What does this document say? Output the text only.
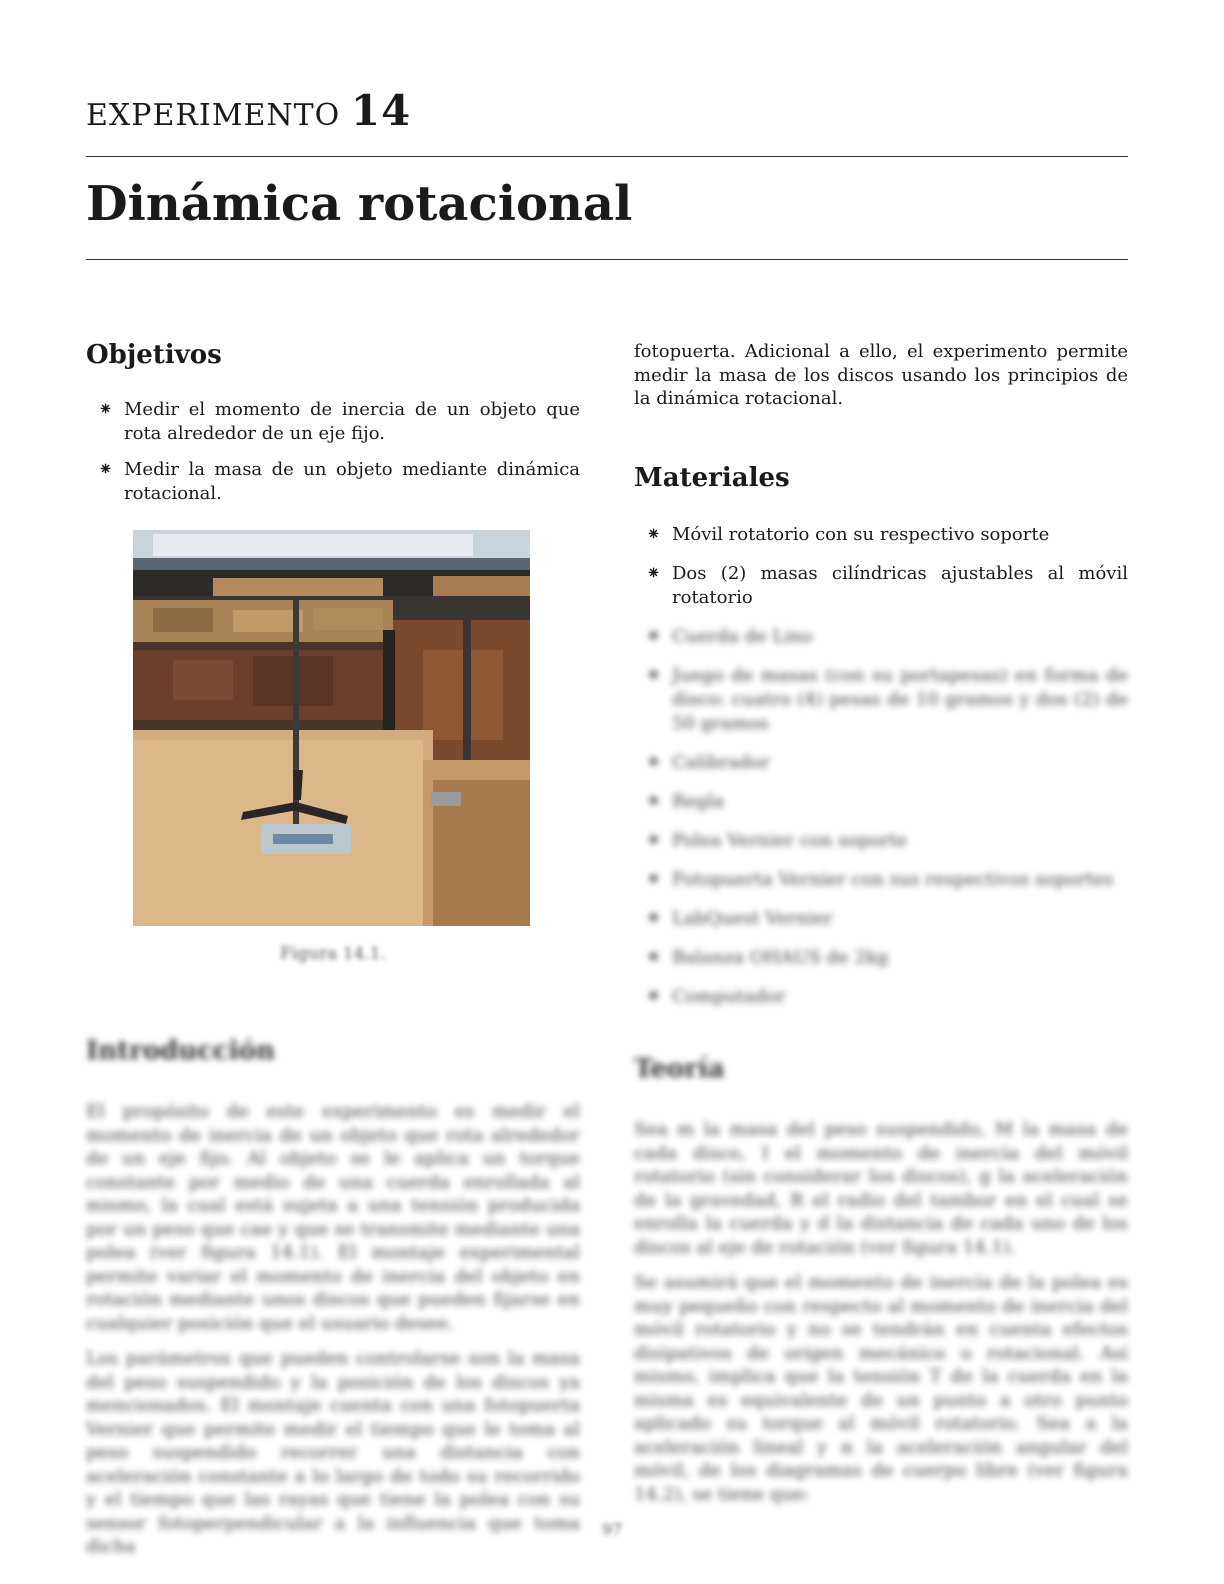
EXPERIMENTO 14
Dinámica rotacional
Objetivos
⁕ Medir el momento de inercia de un objeto que rota alrededor de un eje fijo.
⁕ Medir la masa de un objeto mediante dinámica rotacional.
Figura 14.1.
Introducción

El propósito de este experimento es medir el momento de inercia de un objeto que rota alrededor de un eje fijo. Al objeto se le aplica un torque constante por medio de una cuerda enrollada al mismo, la cual está sujeta a una tensión producida por un peso que cae y que se transmite mediante una polea (ver figura 14.1). El montaje experimental permite variar el momento de inercia del objeto en rotación mediante unos discos que pueden fijarse en cualquier posición que el usuario desee.

Los parámetros que pueden controlarse son la masa del peso suspendido y la posición de los discos ya mencionados. El montaje cuenta con una fotopuerta Vernier que permite medir el tiempo que le toma al peso suspendido recorrer una distancia con aceleración constante a lo largo de todo su recorrido y el tiempo que las rayas que tiene la polea con su sensor fotoperpendicular a la influencia que toma dicha

fotopuerta. Adicional a ello, el experimento permite medir la masa de los discos usando los principios de la dinámica rotacional.

Materiales
⁕ Móvil rotatorio con su respectivo soporte
⁕ Dos (2) masas cilíndricas ajustables al móvil rotatorio
⁕ Cuerda de Lino
⁕ Juego de masas (con su portapesas) en forma de disco: cuatro (4) pesas de 10 gramos y dos (2) de 50 gramos
⁕ Calibrador
⁕ Regla
⁕ Polea Vernier con soporte
⁕ Fotopuerta Vernier con sus respectivos soportes
⁕ LabQuest Vernier
⁕ Balanza OHAUS de 2kg
⁕ Computador
Teoría

Sea m la masa del peso suspendido, M la masa de cada disco, I el momento de inercia del móvil rotatorio (sin considerar los discos), g la aceleración de la gravedad, R el radio del tambor en el cual se enrolla la cuerda y d la distancia de cada uno de los discos al eje de rotación (ver figura 14.1).

Se asumirá que el momento de inercia de la polea es muy pequeño con respecto al momento de inercia del móvil rotatorio y no se tendrán en cuenta efectos disipativos de origen mecánico o rotacional. Así mismo, implica que la tensión T de la cuerda en la misma es equivalente de un punto a otro punto aplicado su torque al móvil rotatorio. Sea a la aceleración lineal y α la aceleración angular del móvil, de los diagramas de cuerpo libre (ver figura 14.2), se tiene que:

97
